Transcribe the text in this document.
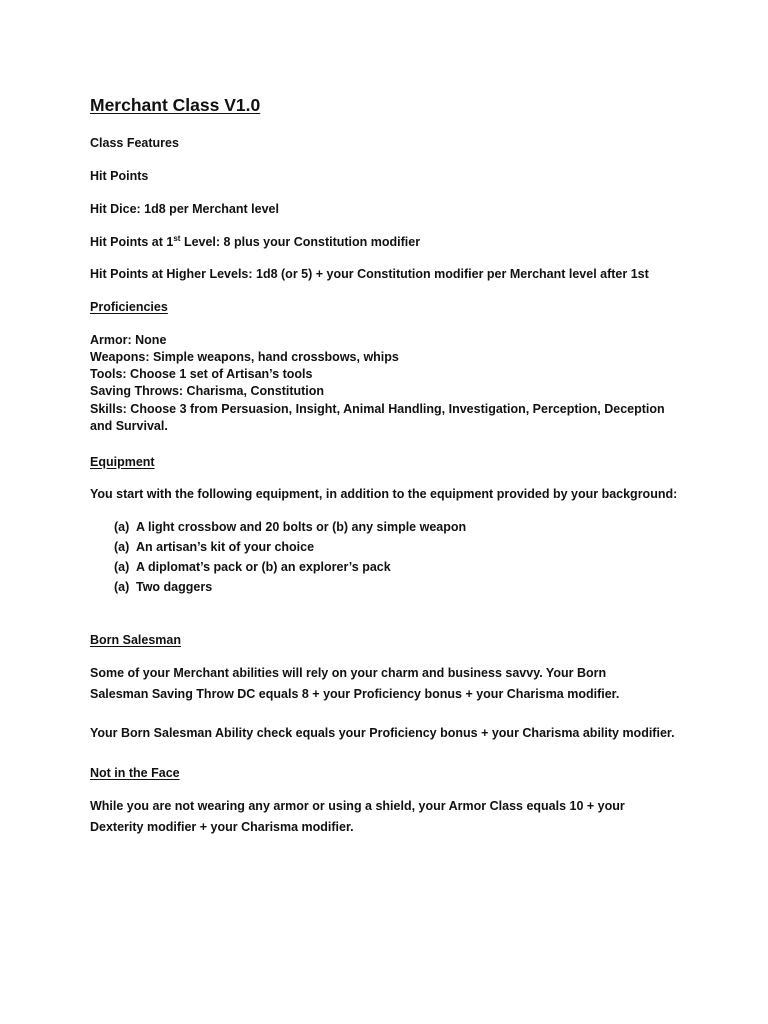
Merchant Class V1.0
Class Features
Hit Points
Hit Dice: 1d8 per Merchant level
Hit Points at 1st Level: 8 plus your Constitution modifier
Hit Points at Higher Levels: 1d8 (or 5) + your Constitution modifier per Merchant level after 1st
Proficiencies
Armor: None
Weapons: Simple weapons, hand crossbows, whips
Tools: Choose 1 set of Artisan’s tools
Saving Throws: Charisma, Constitution
Skills: Choose 3 from Persuasion, Insight, Animal Handling, Investigation, Perception, Deception and Survival.
Equipment
You start with the following equipment, in addition to the equipment provided by your background:
(a) A light crossbow and 20 bolts or (b) any simple weapon
(a) An artisan’s kit of your choice
(a) A diplomat’s pack or (b) an explorer’s pack
(a) Two daggers
Born Salesman
Some of your Merchant abilities will rely on your charm and business savvy. Your Born Salesman Saving Throw DC equals 8 + your Proficiency bonus + your Charisma modifier.
Your Born Salesman Ability check equals your Proficiency bonus + your Charisma ability modifier.
Not in the Face
While you are not wearing any armor or using a shield, your Armor Class equals 10 + your Dexterity modifier + your Charisma modifier.
